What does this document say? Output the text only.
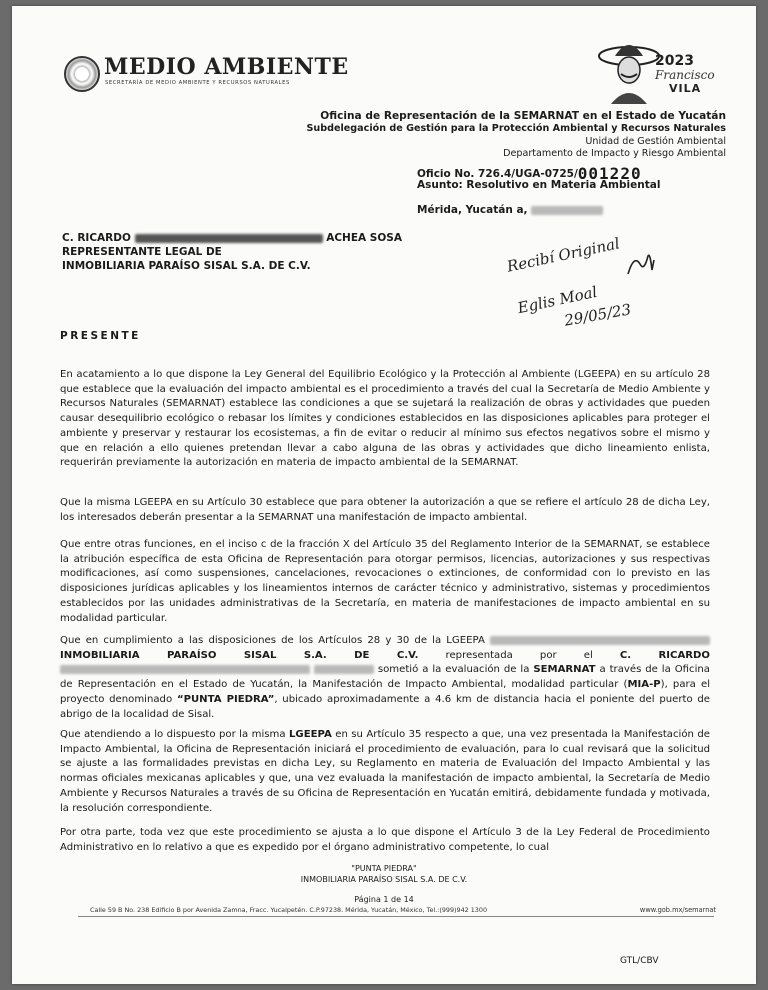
MEDIO AMBIENTE
SECRETARÍA DE MEDIO AMBIENTE Y RECURSOS NATURALES
2023
Francisco
VILA
Oficina de Representación de la SEMARNAT en el Estado de Yucatán
Subdelegación de Gestión para la Protección Ambiental y Recursos Naturales
Unidad de Gestión Ambiental
Departamento de Impacto y Riesgo Ambiental
Oficio No. 726.4/UGA-0725/001220
Asunto: Resolutivo en Materia Ambiental
Mérida, Yucatán a,
C. RICARDO	ACHEA SOSA
REPRESENTANTE LEGAL DE
INMOBILIARIA PARAÍSO SISAL S.A. DE C.V.	Recibí Original
Eglis Moal
29/05/23
PRESENTE
En acatamiento a lo que dispone la Ley General del Equilibrio Ecológico y la Protección al Ambiente (LGEEPA) en su artículo 28 que establece que la evaluación del impacto ambiental es el procedimiento a través del cual la Secretaría de Medio Ambiente y Recursos Naturales (SEMARNAT) establece las condiciones a que se sujetará la realización de obras y actividades que pueden causar desequilibrio ecológico o rebasar los límites y condiciones establecidos en las disposiciones aplicables para proteger el ambiente y preservar y restaurar los ecosistemas, a fin de evitar o reducir al mínimo sus efectos negativos sobre el mismo y que en relación a ello quienes pretendan llevar a cabo alguna de las obras y actividades que dicho lineamiento enlista, requerirán previamente la autorización en materia de impacto ambiental de la SEMARNAT.
Que la misma LGEEPA en su Artículo 30 establece que para obtener la autorización a que se refiere el artículo 28 de dicha Ley, los interesados deberán presentar a la SEMARNAT una manifestación de impacto ambiental.
Que entre otras funciones, en el inciso c de la fracción X del Artículo 35 del Reglamento Interior de la SEMARNAT, se establece la atribución específica de esta Oficina de Representación para otorgar permisos, licencias, autorizaciones y sus respectivas modificaciones, así como suspensiones, cancelaciones, revocaciones o extinciones, de conformidad con lo previsto en las disposiciones jurídicas aplicables y los lineamientos internos de carácter técnico y administrativo, sistemas y procedimientos establecidos por las unidades administrativas de la Secretaría, en materia de manifestaciones de impacto ambiental en su modalidad particular.
Que en cumplimiento a las disposiciones de los Artículos 28 y 30 de la LGEEPA  INMOBILIARIA PARAÍSO SISAL S.A. DE C.V.	representada por el	C. RICARDO   sometió a la evaluación de la SEMARNAT a través de la Oficina de Representación en el Estado de Yucatán, la Manifestación de Impacto Ambiental, modalidad particular (MIA-P), para el proyecto denominado “PUNTA PIEDRA”, ubicado aproximadamente a 4.6 km de distancia hacia el poniente del puerto de abrigo de la localidad de Sisal.
Que atendiendo a lo dispuesto por la misma LGEEPA en su Artículo 35 respecto a que, una vez presentada la Manifestación de Impacto Ambiental, la Oficina de Representación iniciará el procedimiento de evaluación, para lo cual revisará que la solicitud se ajuste a las formalidades previstas en dicha Ley, su Reglamento en materia de Evaluación del Impacto Ambiental y las normas oficiales mexicanas aplicables y que, una vez evaluada la manifestación de impacto ambiental, la Secretaría de Medio Ambiente y Recursos Naturales a través de su Oficina de Representación en Yucatán emitirá, debidamente fundada y motivada, la resolución correspondiente.
Por otra parte, toda vez que este procedimiento se ajusta a lo que dispone el Artículo 3 de la Ley Federal de Procedimiento Administrativo en lo relativo a que es expedido por el órgano administrativo competente, lo cual
"PUNTA PIEDRA"
INMOBILIARIA PARAÍSO SISAL S.A. DE C.V.
Página 1 de 14
Calle 59 B No. 238 Edificio B por Avenida Zamna, Fracc. Yucalpetén. C.P.97238. Mérida, Yucatán, México, Tel.:(999)942 1300	www.gob.mx/semarnat
GTL/CBV
